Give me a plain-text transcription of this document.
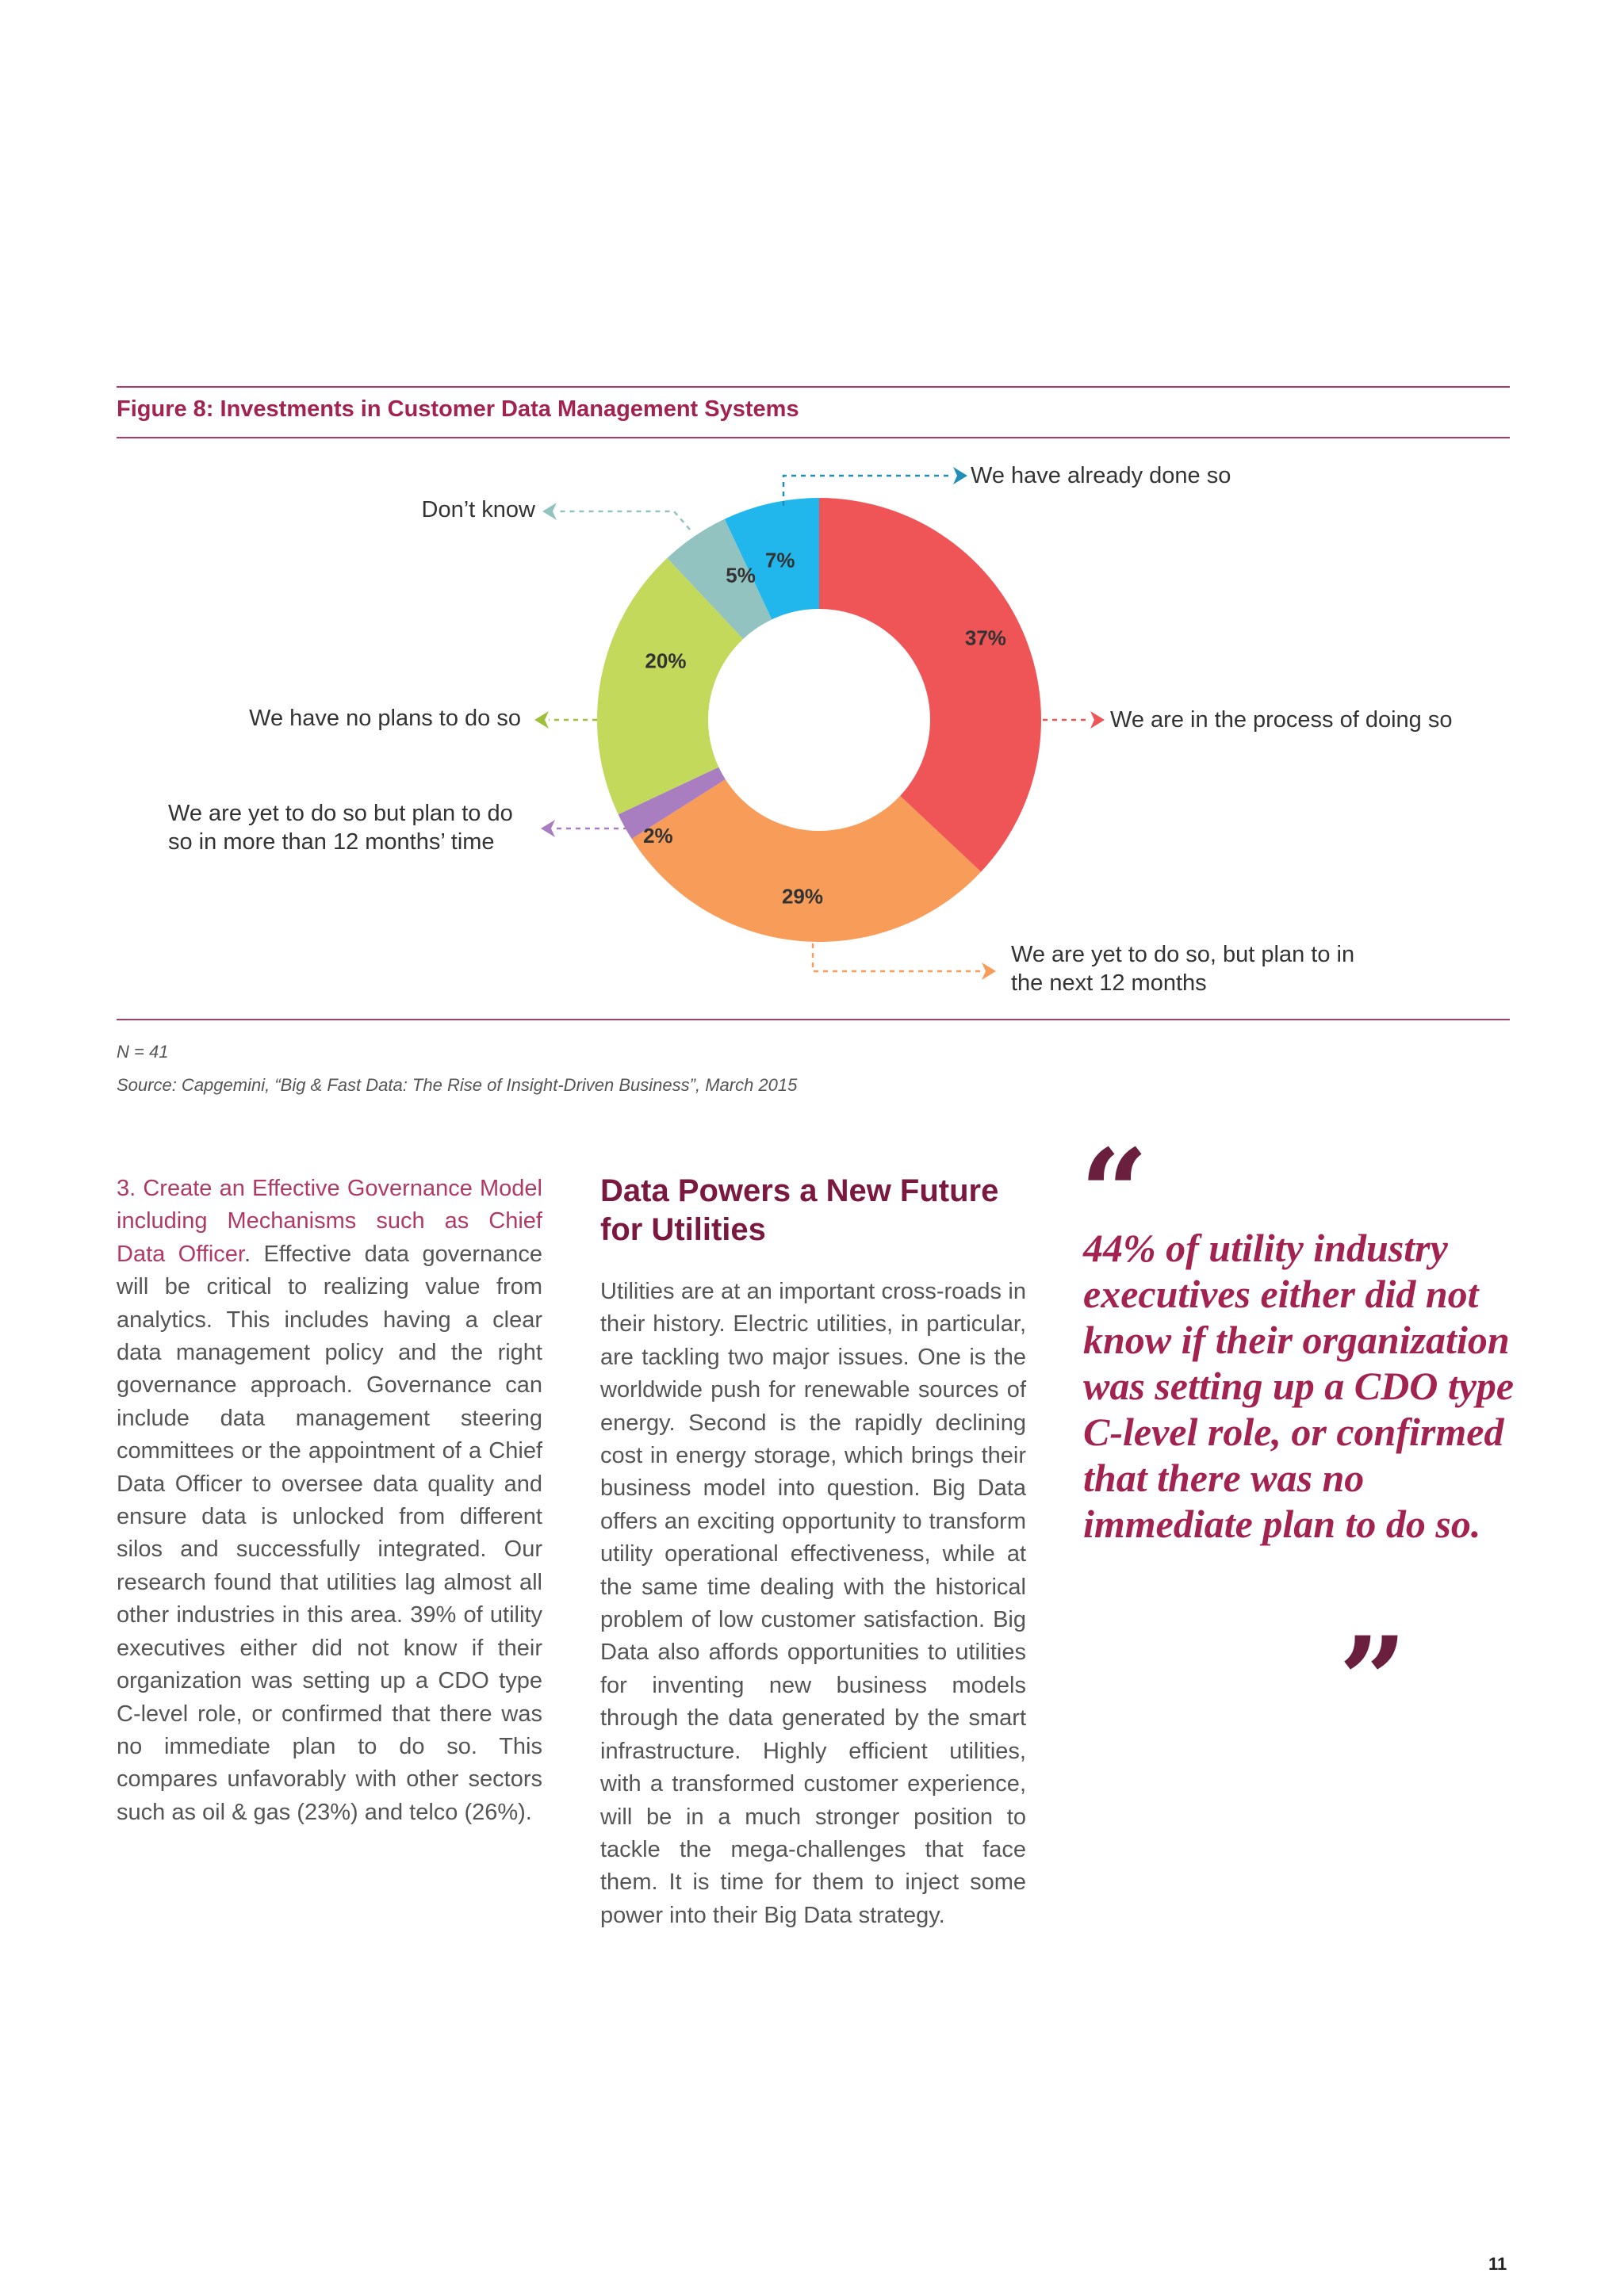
Figure 8: Investments in Customer Data Management Systems
37%
29%
2%
20%
5%
7%
We have already done so
Don’t know
We have no plans to do so	We are in the process of doing so
We are yet to do so but plan to do
so in more than 12 months’ time
We are yet to do so, but plan to in
the next 12 months
N = 41
Source: Capgemini, “Big & Fast Data: The Rise of Insight-Driven Business”, March 2015
3. Create an Effective Governance Model including Mechanisms such as Chief Data Officer. Effective data governance will be critical to realizing value from analytics. This includes having a clear data management policy and the right governance approach. Governance can include data management steering committees or the appointment of a Chief Data Officer to oversee data quality and ensure data is unlocked from different silos and successfully integrated. Our research found that utilities lag almost all other industries in this area. 39% of utility executives either did not know if their organization was setting up a CDO type C-level role, or confirmed that there was no immediate plan to do so. This compares unfavorably with other sectors such as oil & gas (23%) and telco (26%).
Data Powers a New Future for Utilities
Utilities are at an important cross-roads in their history. Electric utilities, in particular, are tackling two major issues. One is the worldwide push for renewable sources of energy. Second is the rapidly declining cost in energy storage, which brings their business model into question. Big Data offers an exciting opportunity to transform utility operational effectiveness, while at the same time dealing with the historical problem of low customer satisfaction. Big Data also affords opportunities to utilities for inventing new business models through the data generated by the smart infrastructure. Highly efficient utilities, with a transformed customer experience, will be in a much stronger position to tackle the mega-challenges that face them. It is time for them to inject some power into their Big Data strategy.
“
44% of utility industry executives either did not know if their organization was setting up a CDO type C-level role, or confirmed that there was no immediate plan to do so.
”
11
